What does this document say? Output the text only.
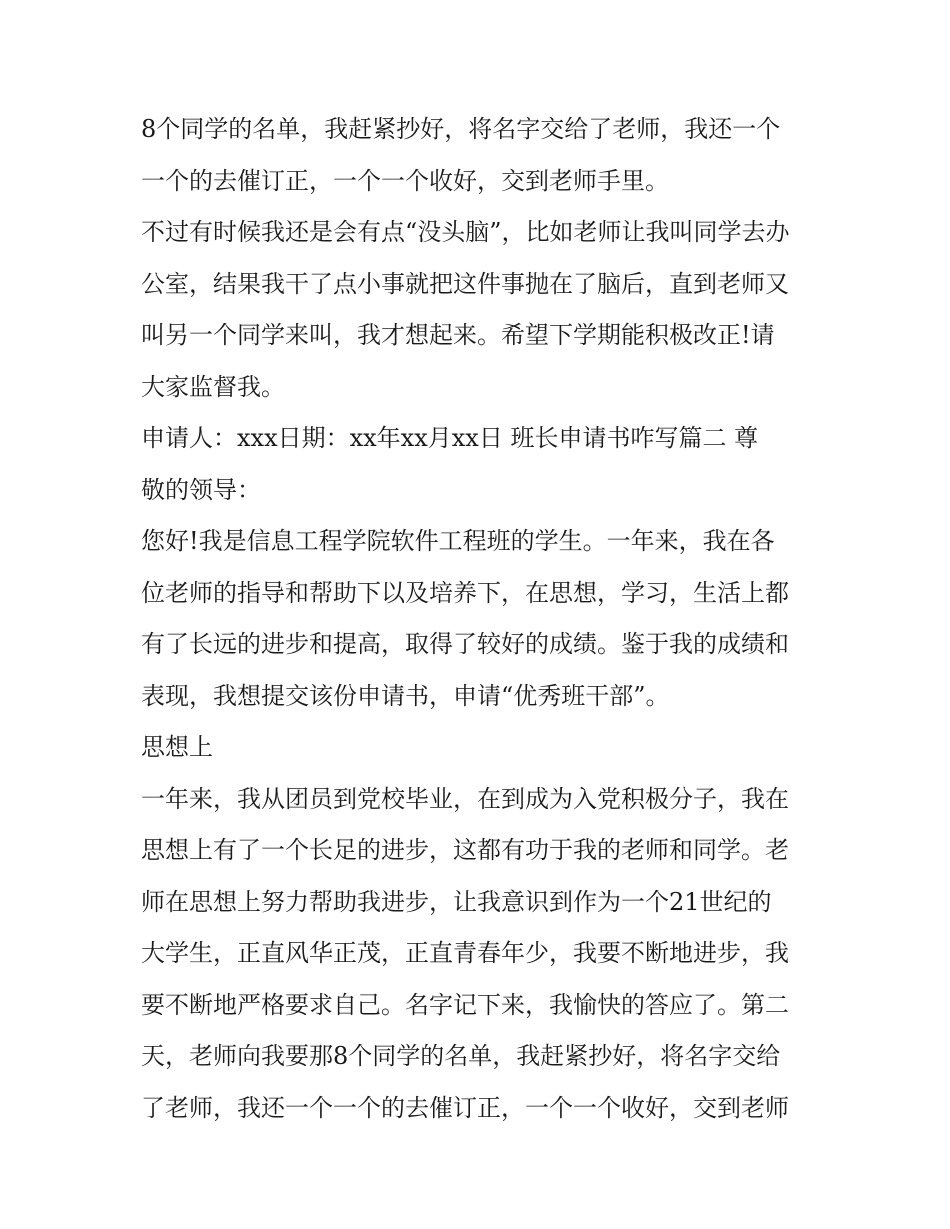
8个同学的名单，我赶紧抄好，将名字交给了老师，我还一个
一个的去催订正，一个一个收好，交到老师手里。
不过有时候我还是会有点“没头脑”，比如老师让我叫同学去办
公室，结果我干了点小事就把这件事抛在了脑后，直到老师又
叫另一个同学来叫，我才想起来。希望下学期能积极改正!请
大家监督我。
申请人：xxx日期：xx年xx月xx日 班长申请书咋写篇二 尊
敬的领导：
您好!我是信息工程学院软件工程班的学生。一年来，我在各
位老师的指导和帮助下以及培养下，在思想，学习，生活上都
有了长远的进步和提高，取得了较好的成绩。鉴于我的成绩和
表现，我想提交该份申请书，申请“优秀班干部”。
思想上
一年来，我从团员到党校毕业，在到成为入党积极分子，我在
思想上有了一个长足的进步，这都有功于我的老师和同学。老
师在思想上努力帮助我进步，让我意识到作为一个21世纪的
大学生，正直风华正茂，正直青春年少，我要不断地进步，我
要不断地严格要求自己。名字记下来，我愉快的答应了。第二
天，老师向我要那8个同学的名单，我赶紧抄好，将名字交给
了老师，我还一个一个的去催订正，一个一个收好，交到老师
